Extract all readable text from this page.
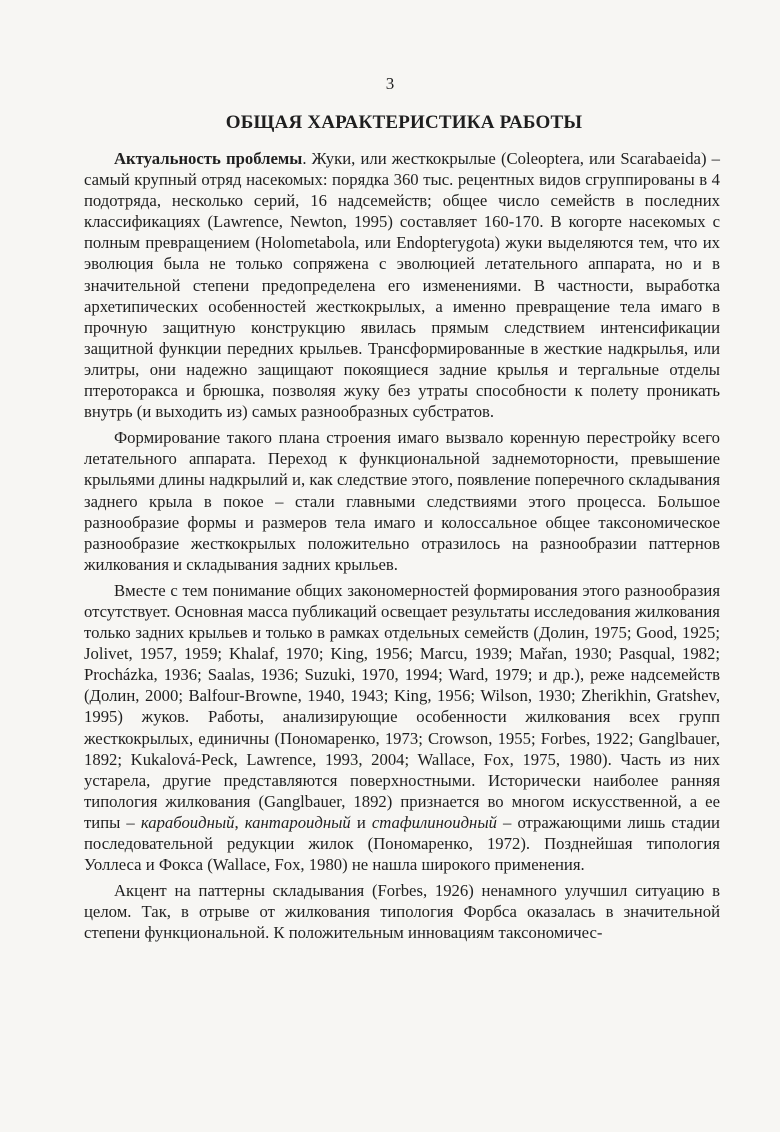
3
ОБЩАЯ ХАРАКТЕРИСТИКА РАБОТЫ

Актуальность проблемы. Жуки, или жесткокрылые (Coleoptera, или Scarabaeida) – самый крупный отряд насекомых: порядка 360 тыс. рецентных видов сгруппированы в 4 подотряда, несколько серий, 16 надсемейств; общее число семейств в последних классификациях (Lawrence, Newton, 1995) составляет 160-170. В когорте насекомых с полным превращением (Holometabola, или Endopterygota) жуки выделяются тем, что их эволюция была не только сопряжена с эволюцией летательного аппарата, но и в значительной степени предопределена его изменениями. В частности, выработка архетипических особенностей жесткокрылых, а именно превращение тела имаго в прочную защитную конструкцию явилась прямым следствием интенсификации защитной функции передних крыльев. Трансформированные в жесткие надкрылья, или элитры, они надежно защищают покоящиеся задние крылья и тергальные отделы птероторакса и брюшка, позволяя жуку без утраты способности к полету проникать внутрь (и выходить из) самых разнообразных субстратов.

Формирование такого плана строения имаго вызвало коренную перестройку всего летательного аппарата. Переход к функциональной заднемоторности, превышение крыльями длины надкрылий и, как следствие этого, появление поперечного складывания заднего крыла в покое – стали главными следствиями этого процесса. Большое разнообразие формы и размеров тела имаго и колоссальное общее таксономическое разнообразие жесткокрылых положительно отразилось на разнообразии паттернов жилкования и складывания задних крыльев.

Вместе с тем понимание общих закономерностей формирования этого разнообразия отсутствует. Основная масса публикаций освещает результаты исследования жилкования только задних крыльев и только в рамках отдельных семейств (Долин, 1975; Good, 1925; Jolivet, 1957, 1959; Khalaf, 1970; King, 1956; Marcu, 1939; Mařan, 1930; Pasqual, 1982; Procházka, 1936; Saalas, 1936; Suzuki, 1970, 1994; Ward, 1979; и др.), реже надсемейств (Долин, 2000; Balfour-Browne, 1940, 1943; King, 1956; Wilson, 1930; Zherikhin, Gratshev, 1995) жуков. Работы, анализирующие особенности жилкования всех групп жесткокрылых, единичны (Пономаренко, 1973; Crowson, 1955; Forbes, 1922; Ganglbauer, 1892; Kukalová-Peck, Lawrence, 1993, 2004; Wallace, Fox, 1975, 1980). Часть из них устарела, другие представляются поверхностными. Исторически наиболее ранняя типология жилкования (Ganglbauer, 1892) признается во многом искусственной, а ее типы – карабоидный, кантароидный и стафилиноидный – отражающими лишь стадии последовательной редукции жилок (Пономаренко, 1972). Позднейшая типология Уоллеса и Фокса (Wallace, Fox, 1980) не нашла широкого применения.

Акцент на паттерны складывания (Forbes, 1926) ненамного улучшил ситуацию в целом. Так, в отрыве от жилкования типология Форбса оказалась в значительной степени функциональной. К положительным инновациям таксономичес-
